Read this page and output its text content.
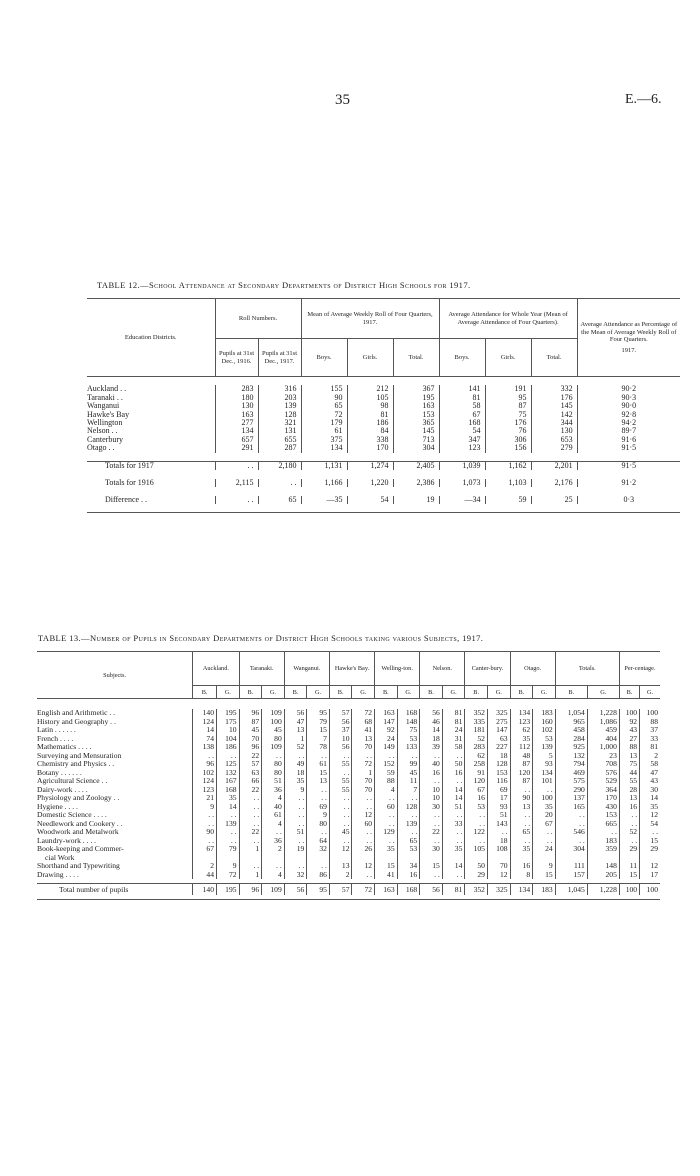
35	E.—6.
TABLE 12.—School Attendance at Secondary Departments of District High Schools for 1917.
Education Districts.	Roll Numbers.		Mean of Average Weekly Roll of Four Quarters, 1917.			Average Attendance for Whole Year (Mean of Average Attendance of Four Quarters).			Average Attendance as Percentage of the Mean of Average Weekly Roll of Four Quarters.
1917.

	Pupils at 31st Dec., 1916.	Pupils at 31st Dec., 1917.	Boys.	Girls.	Total.	Boys.	Girls.	Total.	

Auckland . .	283	316	155	212	367	141	191	332	90·2
Taranaki . .	180	203	90	105	195	81	95	176	90·3
Wanganui	130	139	65	98	163	58	87	145	90·0
Hawke's Bay	163	128	72	81	153	67	75	142	92·8
Wellington	277	321	179	186	365	168	176	344	94·2
Nelson . .	134	131	61	84	145	54	76	130	89·7
Canterbury	657	655	375	338	713	347	306	653	91·6
Otago . .	291	287	134	170	304	123	156	279	91·5

Totals for 1917	. .	2,180	1,131	1,274	2,405	1,039	1,162	2,201	91·5

Totals for 1916	2,115	. .	1,166	1,220	2,386	1,073	1,103	2,176	91·2

Difference . .	. .	65	—35	54	19	—34	59	25	0·3

TABLE 13.—Number of Pupils in Secondary Departments of District High Schools taking various Subjects, 1917.
Subjects.	Auckland.		Taranaki.		Wanganui.		Hawke's Bay.		Welling-ton.		Nelson.		Canter-bury.		Otago.		Totals.		Per-centage.	
	B.	G.	B.	G.	B.	G.	B.	G.	B.	G.	B.	G.	B.	G.	B.	G.	B.	G.	B.	G.

English and Arithmetic . .	140	195	96	109	56	95	57	72	163	168	56	81	352	325	134	183	1,054	1,228	100	100

History and Geography . .	124	175	87	100	47	79	56	68	147	148	46	81	335	275	123	160	965	1,086	92	88

Latin . . . . . .	14	10	45	45	13	15	37	41	92	75	14	24	181	147	62	102	458	459	43	37

French . . . .	74	104	70	80	1	7	10	13	24	53	18	31	52	63	35	53	284	404	27	33

Mathematics . . . .	138	186	96	109	52	78	56	70	149	133	39	58	283	227	112	139	925	1,000	88	81

Surveying and Mensuration	. .	. .	22	. .	. .	. .	. .	. .	. .	. .	. .	. .	62	18	48	5	132	23	13	2

Chemistry and Physics . .	96	125	57	80	49	61	55	72	152	99	40	50	258	128	87	93	794	708	75	58

Botany . . . . . .	102	132	63	80	18	15	. .	1	59	45	16	16	91	153	120	134	469	576	44	47

Agricultural Science . .	124	167	66	51	35	13	55	70	88	11	. .	. .	120	116	87	101	575	529	55	43

Dairy-work . . . .	123	168	22	36	9	. .	55	70	4	7	10	14	67	69	. .	. .	290	364	28	30

Physiology and Zoology . .	21	35	. .	4	. .	. .	. .	. .	. .	. .	10	14	16	17	90	100	137	170	13	14

Hygiene . . . .	9	14	. .	40	. .	69	. .	. .	60	128	30	51	53	93	13	35	165	430	16	35

Domestic Science . . . .	. .	. .	. .	61	. .	9	. .	12	. .	. .	. .	. .	. .	51	. .	20	. .	153	. .	12

Needlework and Cookery . .	. .	139	. .	4	. .	80	. .	60	. .	139	. .	33	. .	143	. .	67	. .	665	. .	54

Woodwork and Metalwork	90	. .	22	. .	51	. .	45	. .	129	. .	22	. .	122	. .	65	. .	546	. .	52	. .

Laundry-work . . . .	. .	. .	. .	36	. .	64	. .	. .	. .	65	. .	. .	. .	18	. .	. .	. .	183	. .	15

Book-keeping and Commer-
cial Work	67	79	1	2	19	32	12	26	35	53	30	35	105	108	35	24	304	359	29	29

Shorthand and Typewriting	2	9	. .	. .	. .	. .	13	12	15	34	15	14	50	70	16	9	111	148	11	12

Drawing . . . .	44	72	1	4	32	86	2	. .	41	16	. .	. .	29	12	8	15	157	205	15	17

Total number of pupils	140	195	96	109	56	95	57	72	163	168	56	81	352	325	134	183	1,045	1,228	100	100
